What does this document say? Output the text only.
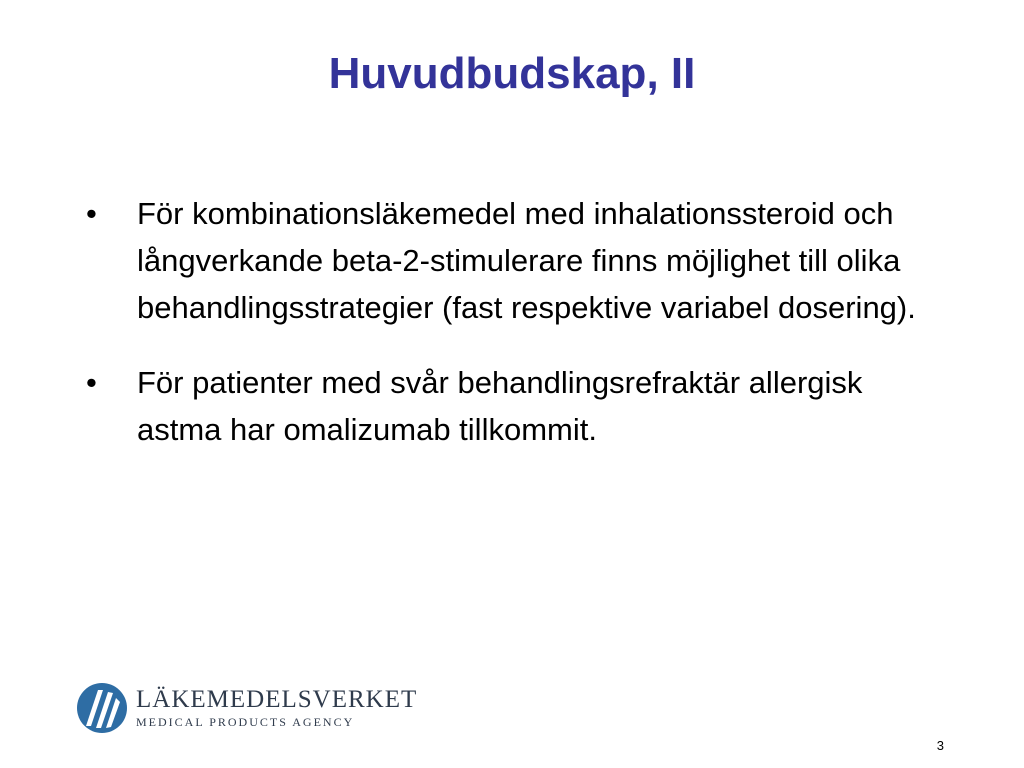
Huvudbudskap, II
• För kombinationsläkemedel med inhalationssteroid och långverkande beta-2-stimulerare finns möjlighet till olika behandlingsstrategier (fast respektive variabel dosering).
• För patienter med svår behandlingsrefraktär allergisk astma har omalizumab tillkommit.
LÄKEMEDELSVERKET
MEDICAL PRODUCTS AGENCY
3
